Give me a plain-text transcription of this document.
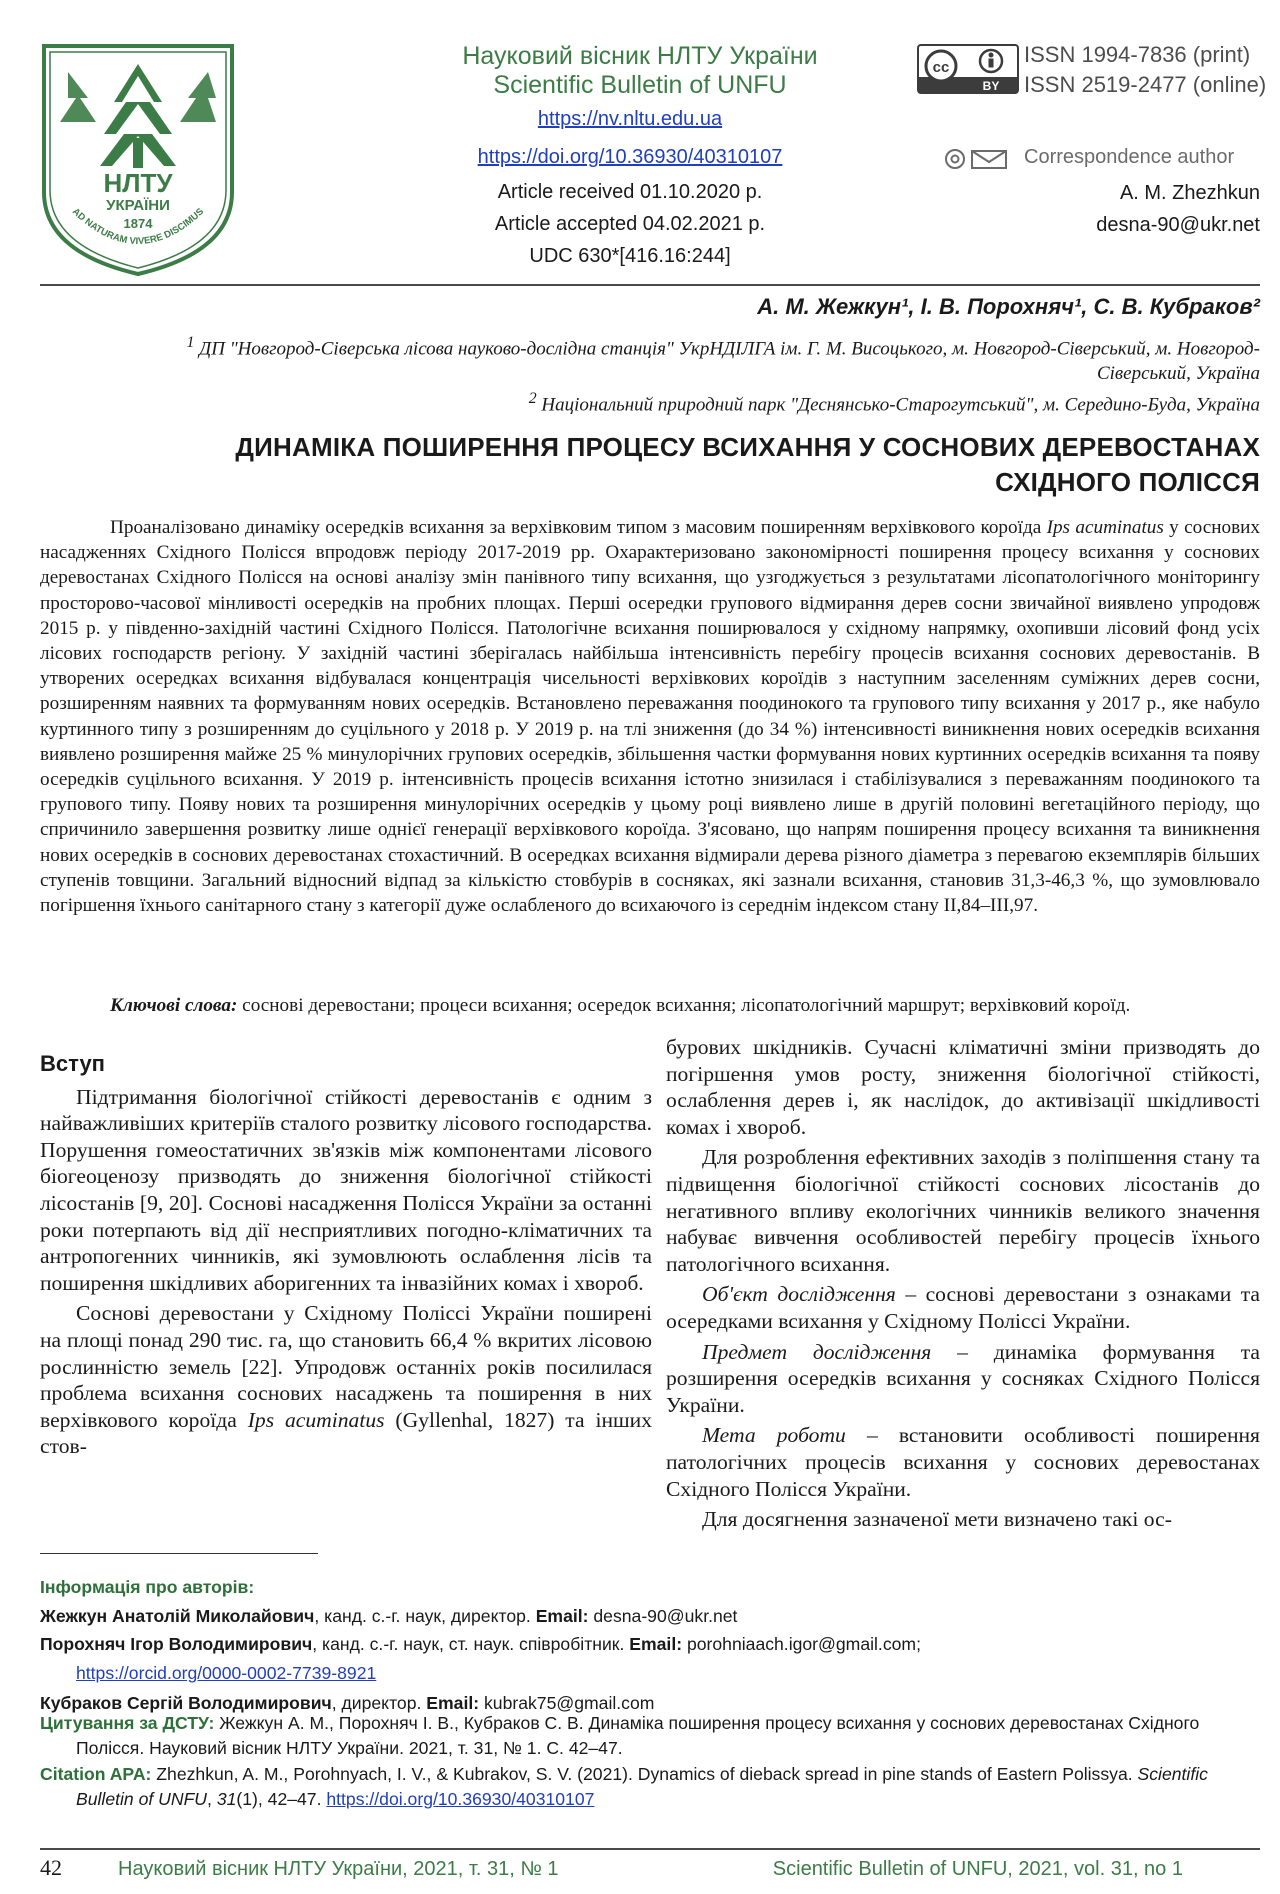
НЛТУ
УКРАЇНИ
1874
AD NATURAM VIVERE DISCIMUS
Науковий вісник НЛТУ України
Scientific Bulletin of UNFU
https://nv.nltu.edu.ua
https://doi.org/10.36930/40310107
Article received 01.10.2020 р.
Article accepted 04.02.2021 р.
UDC 630*[416.16:244]
cc
BY
ISSN 1994-7836 (print)
ISSN 2519-2477 (online)
Correspondence author
A. M. Zhezhkun
desna-90@ukr.net
А. М. Жежкун¹, І. В. Порохняч¹, С. В. Кубраков²
$^1$ ДП "Новгород-Сіверська лісова науково-дослідна станція" УкрНДІЛГА ім. Г. М. Висоцького, м. Новгород-Сіверський, м. Новгород-Сіверський, Україна
$^2$ Національний природний парк "Деснянсько-Старогутський", м. Середино-Буда, Україна
ДИНАМІКА ПОШИРЕННЯ ПРОЦЕСУ ВСИХАННЯ У СОСНОВИХ ДЕРЕВОСТАНАХ
СХІДНОГО ПОЛІССЯ
Проаналізовано динаміку осередків всихання за верхівковим типом з масовим поширенням верхівкового короїда Ips acuminatus у соснових насадженнях Східного Полісся впродовж періоду 2017-2019 рр. Охарактеризовано закономірності поширення процесу всихання у соснових деревостанах Східного Полісся на основі аналізу змін панівного типу всихання, що узгоджується з результатами лісопатологічного моніторингу просторово-часової мінливості осередків на пробних площах. Перші осередки групового відмирання дерев сосни звичайної виявлено упродовж 2015 р. у південно-західній частині Східного Полісся. Патологічне всихання поширювалося у східному напрямку, охопивши лісовий фонд усіх лісових господарств регіону. У західній частині зберігалась найбільша інтенсивність перебігу процесів всихання соснових деревостанів. В утворених осередках всихання відбувалася концентрація чисельності верхівкових короїдів з наступним заселенням суміжних дерев сосни, розширенням наявних та формуванням нових осередків. Встановлено переважання поодинокого та групового типу всихання у 2017 р., яке набуло куртинного типу з розширенням до суцільного у 2018 р. У 2019 р. на тлі зниження (до 34 %) інтенсивності виникнення нових осередків всихання виявлено розширення майже 25 % минулорічних групових осередків, збільшення частки формування нових куртинних осередків всихання та появу осередків суцільного всихання. У 2019 р. інтенсивність процесів всихання істотно знизилася і стабілізувалися з переважанням поодинокого та групового типу. Появу нових та розширення минулорічних осередків у цьому році виявлено лише в другій половині вегетаційного періоду, що спричинило завершення розвитку лише однієї генерації верхівкового короїда. З'ясовано, що напрям поширення процесу всихання та виникнення нових осередків в соснових деревостанах стохастичний. В осередках всихання відмирали дерева різного діаметра з перевагою екземплярів більших ступенів товщини. Загальний відносний відпад за кількістю стовбурів в сосняках, які зазнали всихання, становив 31,3-46,3 %, що зумовлювало погіршення їхнього санітарного стану з категорії дуже ослабленого до всихаючого із середнім індексом стану ІІ,84–ІІІ,97.
Ключові слова: соснові деревостани; процеси всихання; осередок всихання; лісопатологічний маршрут; верхівковий короїд.
Вступ

Підтримання біологічної стійкості деревостанів є одним з найважливіших критеріїв сталого розвитку лісового господарства. Порушення гомеостатичних зв'язків між компонентами лісового біогеоценозу призводять до зниження біологічної стійкості лісостанів [9, 20]. Соснові насадження Полісся України за останні роки потерпають від дії несприятливих погодно-кліматичних та антропогенних чинників, які зумовлюють ослаблення лісів та поширення шкідливих аборигенних та інвазійних комах і хвороб.

Соснові деревостани у Східному Поліссі України поширені на площі понад 290 тис. га, що становить 66,4 % вкритих лісовою рослинністю земель [22]. Упродовж останніх років посилилася проблема всихання соснових насаджень та поширення в них верхівкового короїда Ips acuminatus (Gyllenhal, 1827) та інших стов-

бурових шкідників. Сучасні кліматичні зміни призводять до погіршення умов росту, зниження біологічної стійкості, ослаблення дерев і, як наслідок, до активізації шкідливості комах і хвороб.

Для розроблення ефективних заходів з поліпшення стану та підвищення біологічної стійкості соснових лісостанів до негативного впливу екологічних чинників великого значення набуває вивчення особливостей перебігу процесів їхнього патологічного всихання.

Об'єкт дослідження – соснові деревостани з ознаками та осередками всихання у Східному Поліссі України.

Предмет дослідження – динаміка формування та розширення осередків всихання у сосняках Східного Полісся України.

Мета роботи – встановити особливості поширення патологічних процесів всихання у соснових деревостанах Східного Полісся України.

Для досягнення зазначеної мети визначено такі ос-

Інформація про авторів:
Жежкун Анатолій Миколайович, канд. с.-г. наук, директор. Email: desna-90@ukr.net
Порохняч Ігор Володимирович, канд. с.-г. наук, ст. наук. співробітник. Email: porohniaach.igor@gmail.com;
https://orcid.org/0000-0002-7739-8921
Кубраков Сергій Володимирович, директор. Email: kubrak75@gmail.com
Цитування за ДСТУ: Жежкун А. М., Порохняч І. В., Кубраков С. В. Динаміка поширення процесу всихання у соснових деревостанах Східного Полісся. Науковий вісник НЛТУ України. 2021, т. 31, № 1. С. 42–47.
Citation APA: Zhezhkun, A. M., Porohnyach, I. V., & Kubrakov, S. V. (2021). Dynamics of dieback spread in pine stands of Eastern Polissya. Scientific Bulletin of UNFU, 31(1), 42–47. https://doi.org/10.36930/40310107
42	Науковий вісник НЛТУ України, 2021, т. 31, № 1	Scientific Bulletin of UNFU, 2021, vol. 31, no 1
